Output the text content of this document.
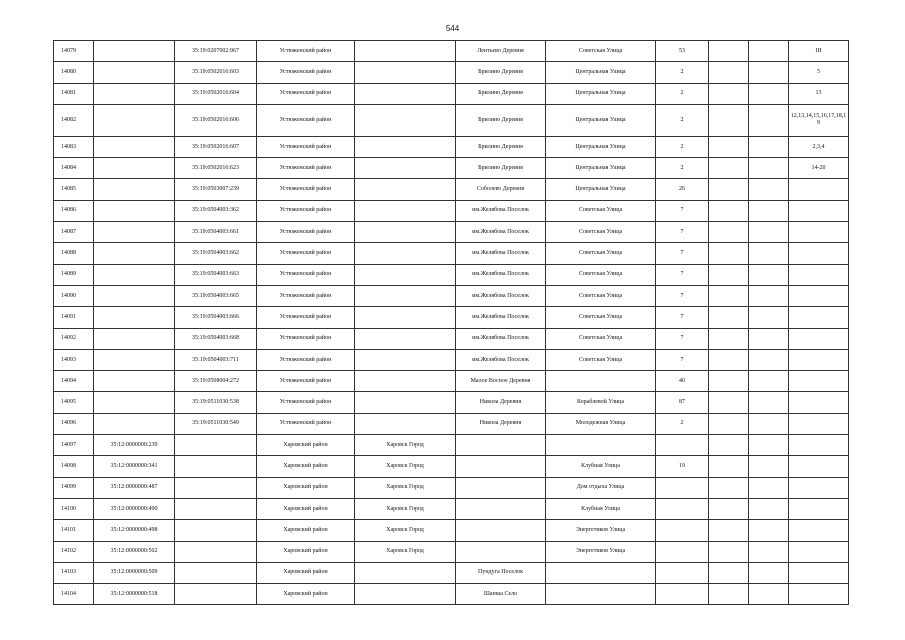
544
14079		35:19:0207002:967	Устюженский район		Лентьево Деревня	Советская Улица	53			IH
14080		35:19:0502016:603	Устюженский район		Брилино Деревня	Центральная Улица	2			5
14081		35:19:0502016:604	Устюженский район		Брилино Деревня	Центральная Улица	2			13
14082		35:19:0502016:606	Устюженский район		Брилино Деревня	Центральная Улица	2			12,13,14,15,16,17,18,19
14083		35:19:0502016:607	Устюженский район		Брилино Деревня	Центральная Улица	2			2,3,4
14084		35:19:0502016:623	Устюженский район		Брилино Деревня	Центральная Улица	2			14-20
14085		35:19:0503007:239	Устюженский район		Соболево Деревня	Центральная Улица	26			
14086		35:19:0504003:362	Устюженский район		им.Желябова Поселок	Советская Улица	7			
14087		35:19:0504003:661	Устюженский район		им.Желябова Поселок	Советская Улица	7			
14088		35:19:0504003:662	Устюженский район		им.Желябова Поселок	Советская Улица	7			
14089		35:19:0504003:663	Устюженский район		им.Желябова Поселок	Советская Улица	7			
14090		35:19:0504003:665	Устюженский район		им.Желябова Поселок	Советская Улица	7			
14091		35:19:0504003:666	Устюженский район		им.Желябова Поселок	Советская Улица	7			
14092		35:19:0504003:668	Устюженский район		им.Желябова Поселок	Советская Улица	7			
14093		35:19:0504003:711	Устюженский район		им.Желябова Поселок	Советская Улица	7			
14094		35:19:0508004:272	Устюженский район		Малое Восное Деревня		40			
14095		35:19:0511030:538	Устюженский район		Никола Деревня	Кораблевой Улица	87			
14096		35:19:0511030:549	Устюженский район		Никола Деревня	Молодежная Улица	2			
14097	35:12:0000000:239		Харовский район	Харовск Город						
14098	35:12:0000000:341		Харовский район	Харовск Город		Клубная Улица	19			
14099	35:12:0000000:487		Харовский район	Харовск Город		Дом отдыха Улица				
14100	35:12:0000000:490		Харовский район	Харовск Город		Клубная Улица				
14101	35:12:0000000:498		Харовский район	Харовск Город		Энергетиков Улица				
14102	35:12:0000000:502		Харовский район	Харовск Город		Энергетиков Улица				
14103	35:12:0000000:509		Харовский район		Пундуга Поселок					
14104	35:12:0000000:518		Харовский район		Шапша Село					
